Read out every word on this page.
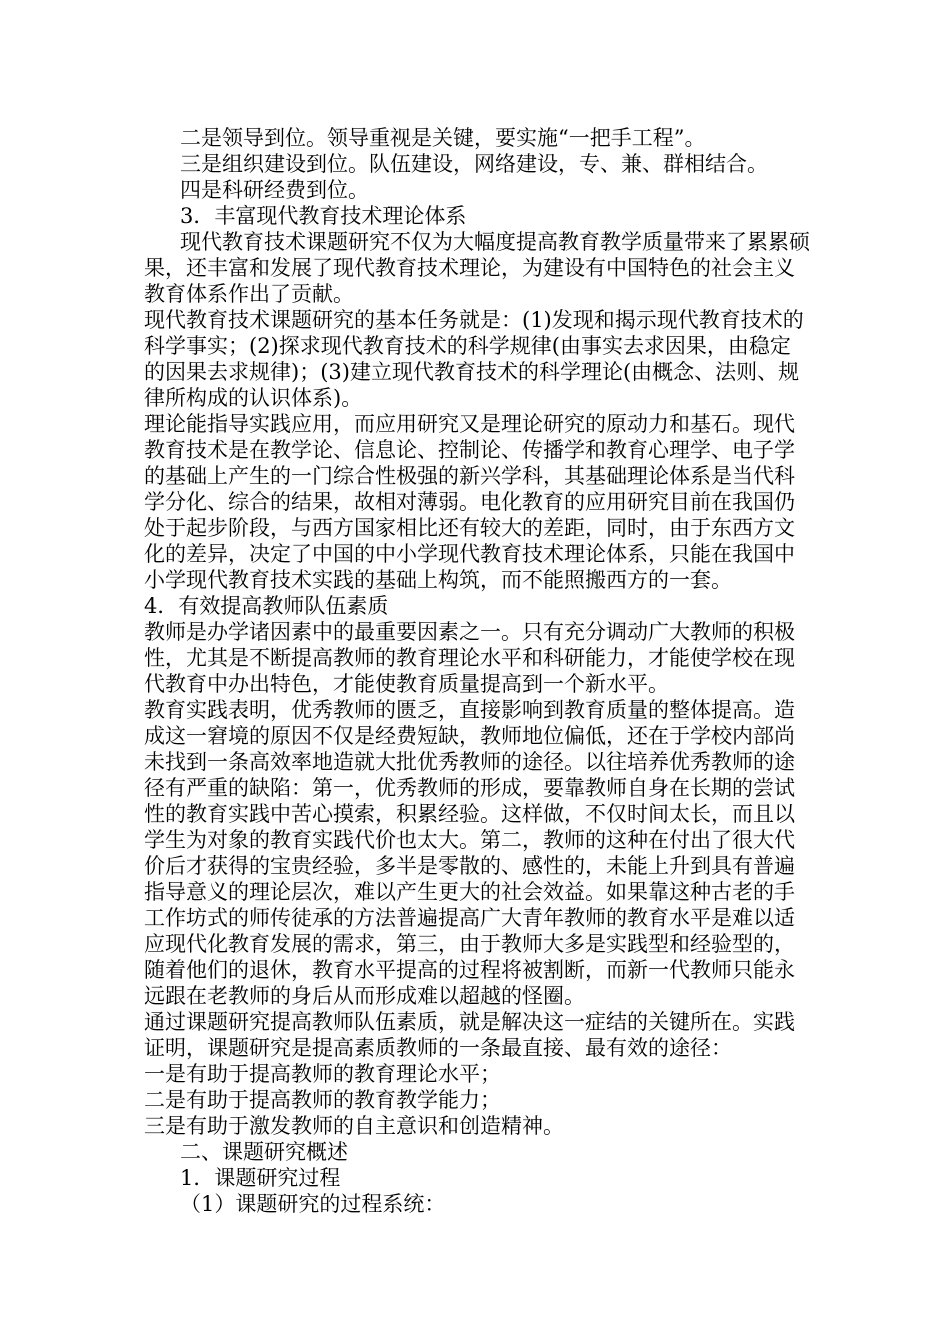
二是领导到位。领导重视是关键，要实施“一把手工程”。

三是组织建设到位。队伍建设，网络建设，专、兼、群相结合。

四是科研经费到位。

3．丰富现代教育技术理论体系

现代教育技术课题研究不仅为大幅度提高教育教学质量带来了累累硕果，还丰富和发展了现代教育技术理论，为建设有中国特色的社会主义教育体系作出了贡献。

现代教育技术课题研究的基本任务就是：(1)发现和揭示现代教育技术的科学事实；(2)探求现代教育技术的科学规律(由事实去求因果，由稳定的因果去求规律)；(3)建立现代教育技术的科学理论(由概念、法则、规律所构成的认识体系)。

理论能指导实践应用，而应用研究又是理论研究的原动力和基石。现代教育技术是在教学论、信息论、控制论、传播学和教育心理学、电子学的基础上产生的一门综合性极强的新兴学科，其基础理论体系是当代科学分化、综合的结果，故相对薄弱。电化教育的应用研究目前在我国仍处于起步阶段，与西方国家相比还有较大的差距，同时，由于东西方文化的差异，决定了中国的中小学现代教育技术理论体系，只能在我国中小学现代教育技术实践的基础上构筑，而不能照搬西方的一套。

4．有效提高教师队伍素质

教师是办学诸因素中的最重要因素之一。只有充分调动广大教师的积极性，尤其是不断提高教师的教育理论水平和科研能力，才能使学校在现代教育中办出特色，才能使教育质量提高到一个新水平。

教育实践表明，优秀教师的匮乏，直接影响到教育质量的整体提高。造成这一窘境的原因不仅是经费短缺，教师地位偏低，还在于学校内部尚未找到一条高效率地造就大批优秀教师的途径。以往培养优秀教师的途径有严重的缺陷：第一，优秀教师的形成，要靠教师自身在长期的尝试性的教育实践中苦心摸索，积累经验。这样做，不仅时间太长，而且以学生为对象的教育实践代价也太大。第二，教师的这种在付出了很大代价后才获得的宝贵经验，多半是零散的、感性的，未能上升到具有普遍指导意义的理论层次，难以产生更大的社会效益。如果靠这种古老的手工作坊式的师传徒承的方法普遍提高广大青年教师的教育水平是难以适应现代化教育发展的需求，第三，由于教师大多是实践型和经验型的，随着他们的退休，教育水平提高的过程将被割断，而新一代教师只能永远跟在老教师的身后从而形成难以超越的怪圈。

通过课题研究提高教师队伍素质，就是解决这一症结的关键所在。实践证明，课题研究是提高素质教师的一条最直接、最有效的途径：

一是有助于提高教师的教育理论水平；

二是有助于提高教师的教育教学能力；

三是有助于激发教师的自主意识和创造精神。

二、课题研究概述

1．课题研究过程

（1）课题研究的过程系统：
